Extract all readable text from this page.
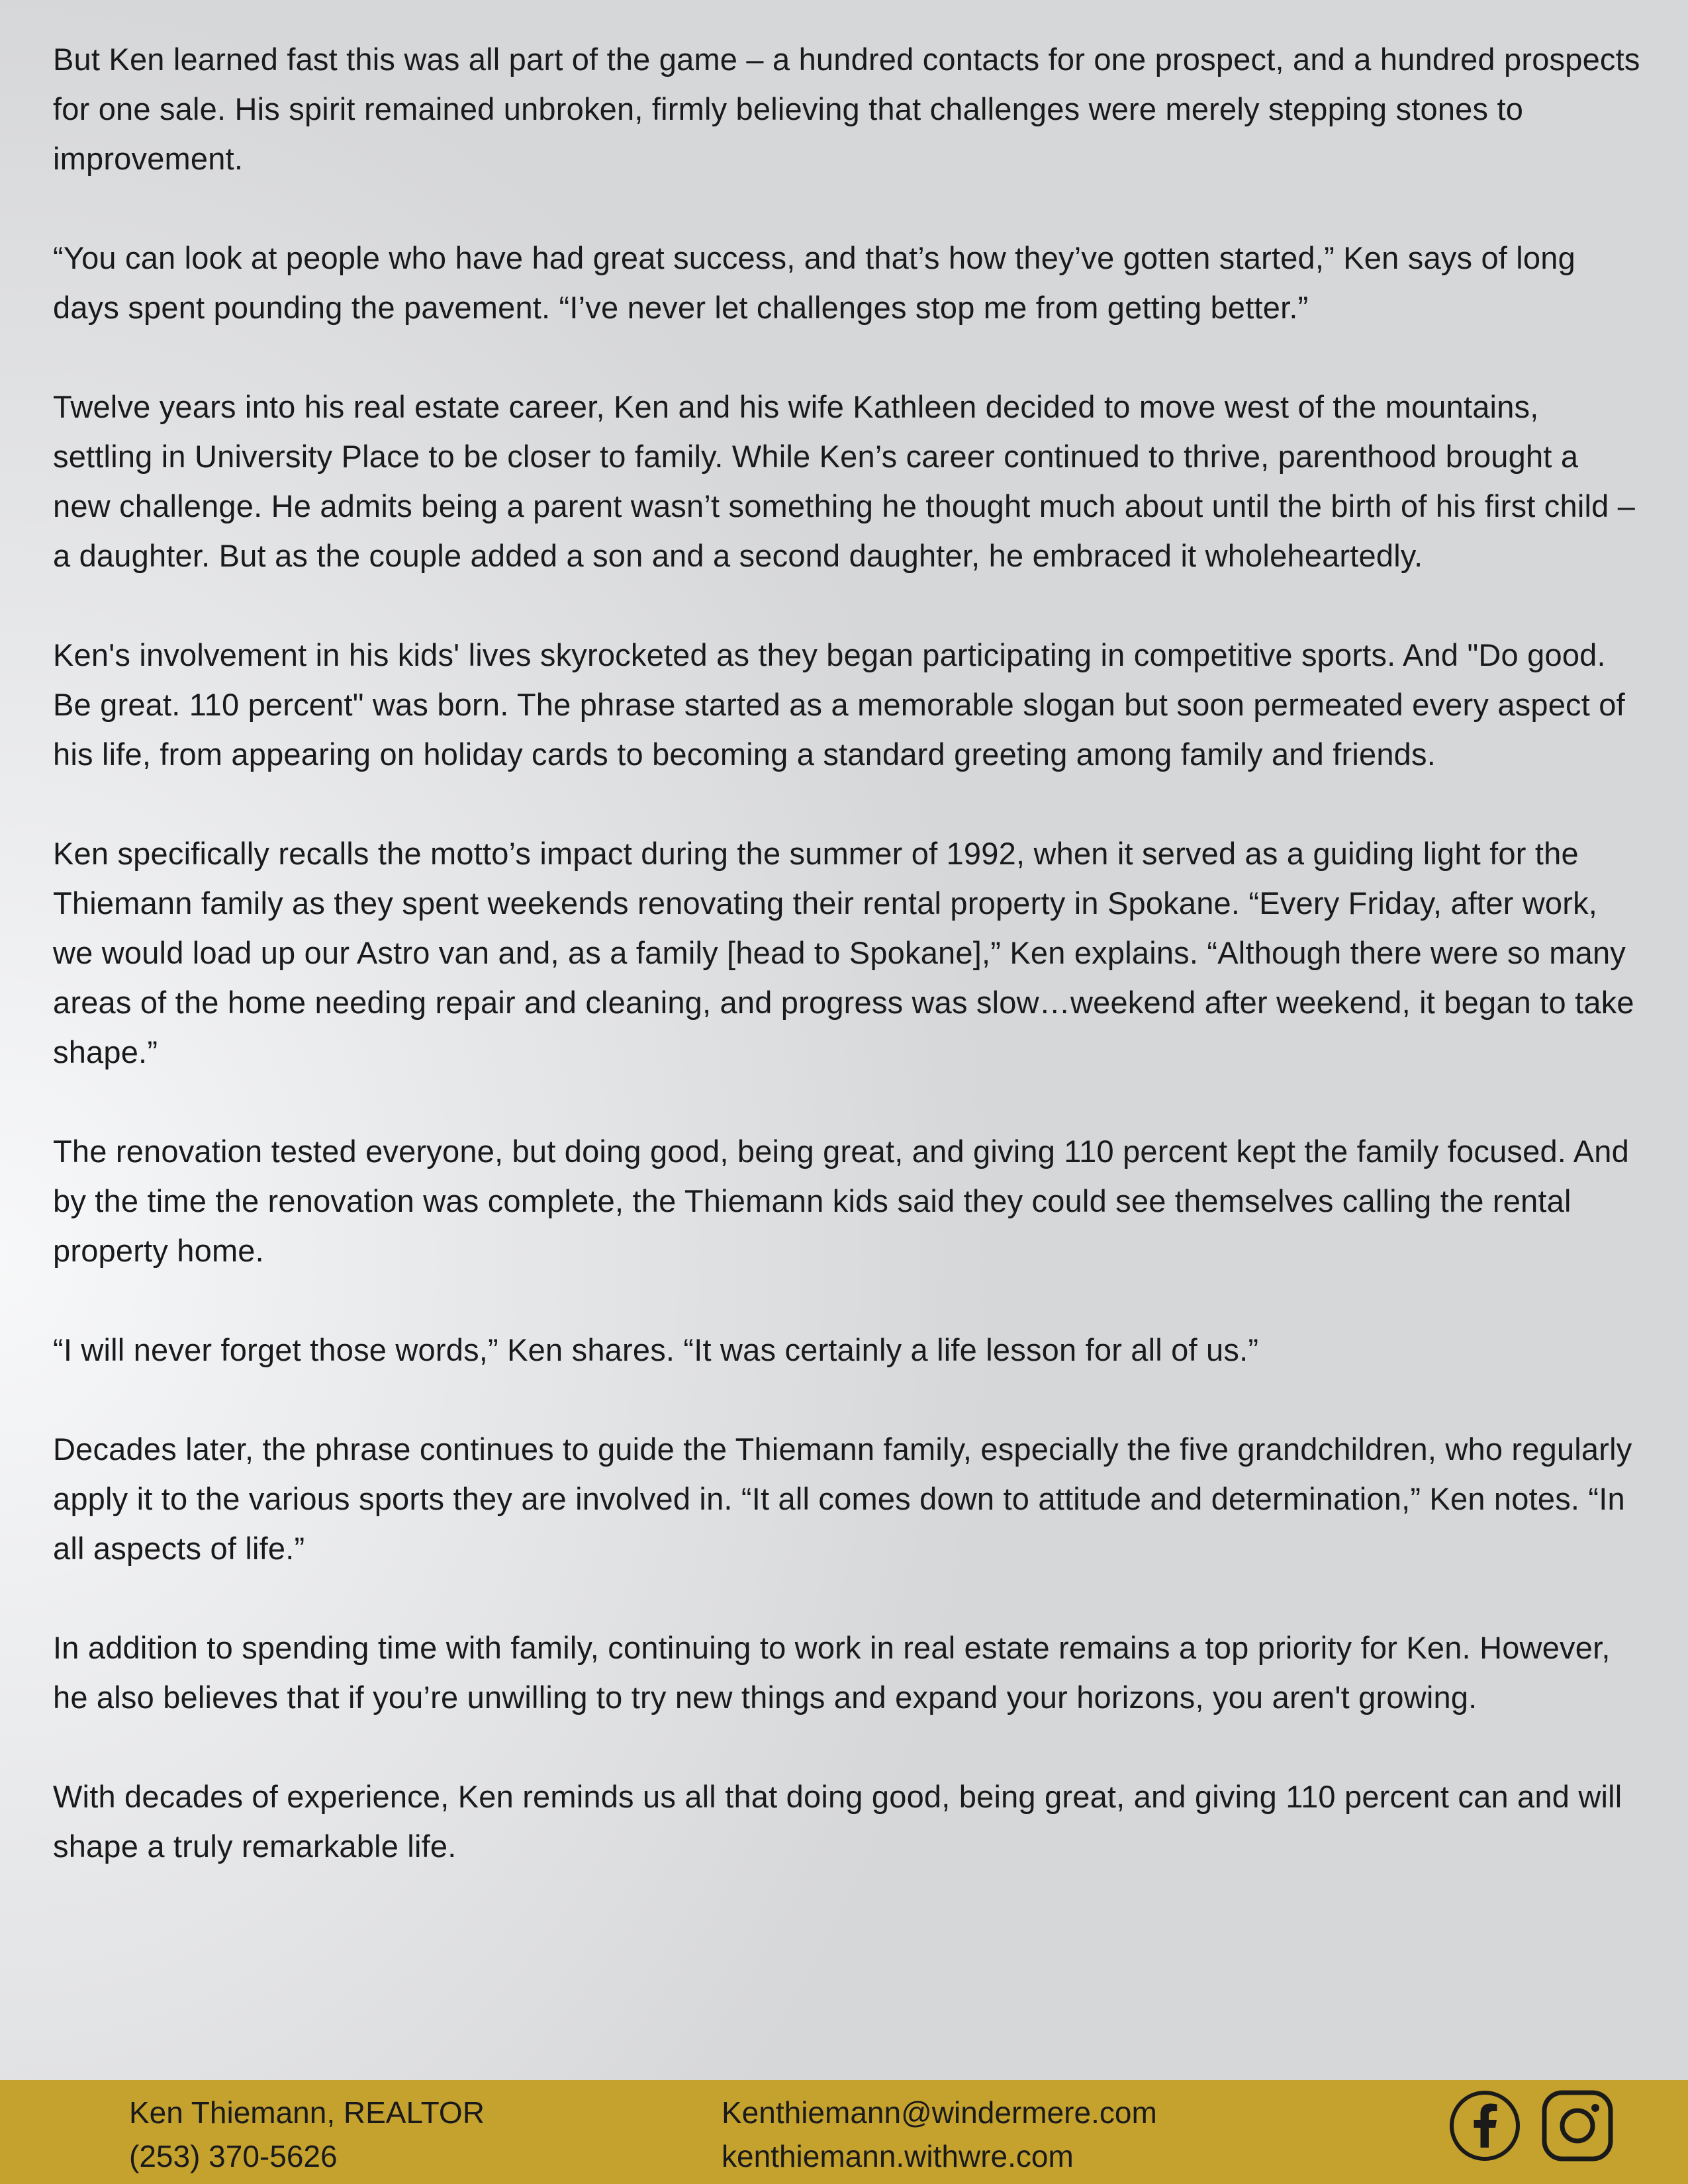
But Ken learned fast this was all part of the game – a hundred contacts for one prospect, and a hundred prospects for one sale. His spirit remained unbroken, firmly believing that challenges were merely stepping stones to improvement.

“You can look at people who have had great success, and that’s how they’ve gotten started,” Ken says of long days spent pounding the pavement. “I’ve never let challenges stop me from getting better.”

Twelve years into his real estate career, Ken and his wife Kathleen decided to move west of the mountains, settling in University Place to be closer to family. While Ken’s career continued to thrive, parenthood brought a new challenge. He admits being a parent wasn’t something he thought much about until the birth of his first child – a daughter. But as the couple added a son and a second daughter, he embraced it wholeheartedly.

Ken's involvement in his kids' lives skyrocketed as they began participating in competitive sports. And "Do good. Be great. 110 percent" was born. The phrase started as a memorable slogan but soon permeated every aspect of his life, from appearing on holiday cards to becoming a standard greeting among family and friends.

Ken specifically recalls the motto’s impact during the summer of 1992, when it served as a guiding light for the Thiemann family as they spent weekends renovating their rental property in Spokane. “Every Friday, after work, we would load up our Astro van and, as a family [head to Spokane],” Ken explains. “Although there were so many areas of the home needing repair and cleaning, and progress was slow…weekend after weekend, it began to take shape.”

The renovation tested everyone, but doing good, being great, and giving 110 percent kept the family focused. And by the time the renovation was complete, the Thiemann kids said they could see themselves calling the rental property home.

“I will never forget those words,” Ken shares. “It was certainly a life lesson for all of us.”

Decades later, the phrase continues to guide the Thiemann family, especially the five grandchildren, who regularly apply it to the various sports they are involved in. “It all comes down to attitude and determination,” Ken notes. “In all aspects of life.”

In addition to spending time with family, continuing to work in real estate remains a top priority for Ken. However, he also believes that if you’re unwilling to try new things and expand your horizons, you aren't growing.

With decades of experience, Ken reminds us all that doing good, being great, and giving 110 percent can and will shape a truly remarkable life.

Ken Thiemann, REALTOR
(253) 370-5626
Kenthiemann@windermere.com
kenthiemann.withwre.com
